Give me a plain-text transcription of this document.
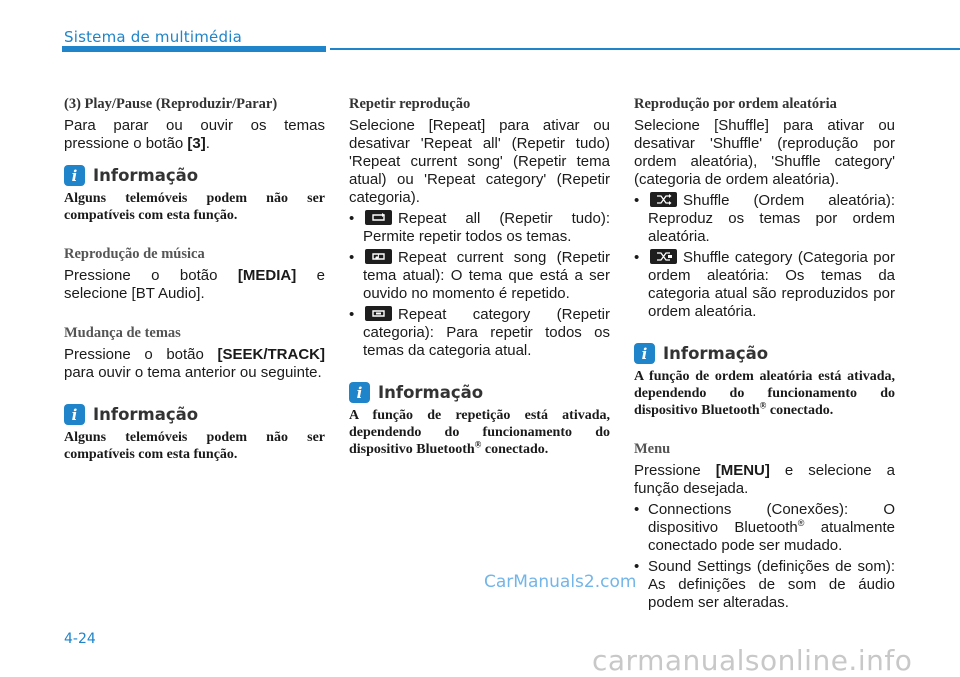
Sistema de multimédia
(3) Play/Pause (Reproduzir/Parar)

Para parar ou ouvir os temas pressione o botão [3].

i Informação

Alguns telemóveis podem não ser compatíveis com esta função.

Reprodução de música

Pressione o botão [MEDIA] e selecione [BT Audio].

Mudança de temas

Pressione o botão [SEEK/TRACK] para ouvir o tema anterior ou seguinte.

i Informação

Alguns telemóveis podem não ser compatíveis com esta função.

Repetir reprodução

Selecione [Repeat] para ativar ou desativar 'Repeat all' (Repetir tudo) 'Repeat current song' (Repetir tema atual) ou 'Repeat category' (Repetir categoria).

• Repeat all (Repetir tudo): Permite repetir todos os temas.
• Repeat current song (Repetir tema atual): O tema que está a ser ouvido no momento é repetido.
• Repeat category (Repetir categoria): Para repetir todos os temas da categoria atual.
i Informação

A função de repetição está ativada, dependendo do funcionamento do dispositivo Bluetooth® conectado.

Reprodução por ordem aleatória

Selecione [Shuffle] para ativar ou desativar 'Shuffle' (reprodução por ordem aleatória), 'Shuffle category' (categoria de ordem aleatória).

• Shuffle (Ordem aleatória): Reproduz os temas por ordem aleatória.
• Shuffle category (Categoria por ordem aleatória: Os temas da categoria atual são reproduzidos por ordem aleatória.
i Informação

A função de ordem aleatória está ativada, dependendo do funcionamento do dispositivo Bluetooth® conectado.

Menu

Pressione [MENU] e selecione a função desejada.

• Connections (Conexões): O dispositivo Bluetooth® atualmente conectado pode ser mudado.
• Sound Settings (definições de som): As definições de som de áudio podem ser alteradas.
CarManuals2.com
4-24
carmanualsonline.info
